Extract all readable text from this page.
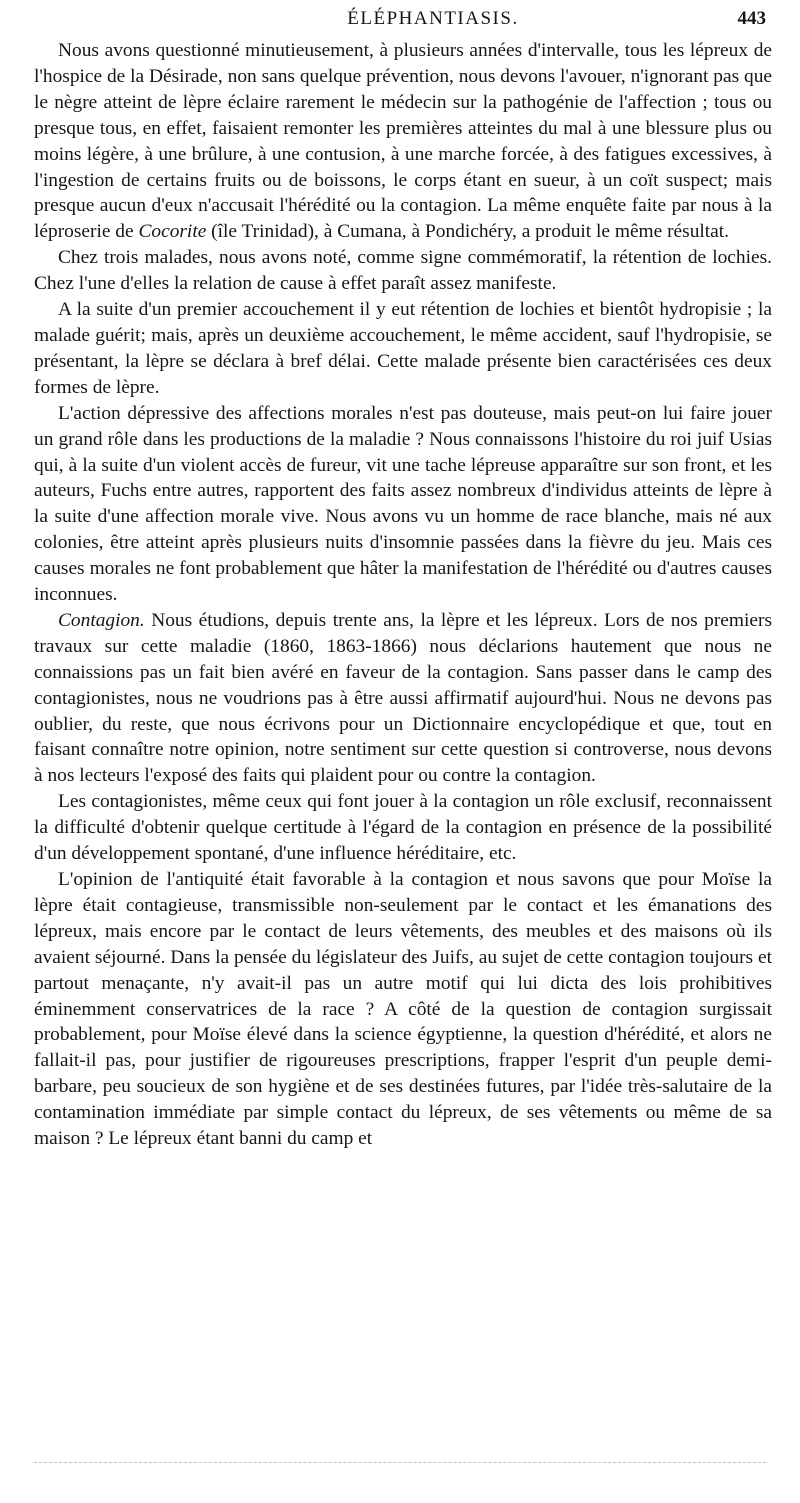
ÉLÉPHANTIASIS.	443

Nous avons questionné minutieusement, à plusieurs années d'intervalle, tous les lépreux de l'hospice de la Désirade, non sans quelque prévention, nous devons l'avouer, n'ignorant pas que le nègre atteint de lèpre éclaire rarement le médecin sur la pathogénie de l'affection ; tous ou presque tous, en effet, faisaient remonter les premières atteintes du mal à une blessure plus ou moins légère, à une brûlure, à une contusion, à une marche forcée, à des fatigues excessives, à l'ingestion de certains fruits ou de boissons, le corps étant en sueur, à un coït suspect; mais presque aucun d'eux n'accusait l'hérédité ou la contagion. La même enquête faite par nous à la léproserie de Cocorite (île Trinidad), à Cumana, à Pondichéry, a produit le même résultat.

Chez trois malades, nous avons noté, comme signe commémoratif, la rétention de lochies. Chez l'une d'elles la relation de cause à effet paraît assez manifeste.

A la suite d'un premier accouchement il y eut rétention de lochies et bientôt hydropisie ; la malade guérit; mais, après un deuxième accouchement, le même accident, sauf l'hydropisie, se présentant, la lèpre se déclara à bref délai. Cette malade présente bien caractérisées ces deux formes de lèpre.

L'action dépressive des affections morales n'est pas douteuse, mais peut-on lui faire jouer un grand rôle dans les productions de la maladie ? Nous connaissons l'histoire du roi juif Usias qui, à la suite d'un violent accès de fureur, vit une tache lépreuse apparaître sur son front, et les auteurs, Fuchs entre autres, rapportent des faits assez nombreux d'individus atteints de lèpre à la suite d'une affection morale vive. Nous avons vu un homme de race blanche, mais né aux colonies, être atteint après plusieurs nuits d'insomnie passées dans la fièvre du jeu. Mais ces causes morales ne font probablement que hâter la manifestation de l'hérédité ou d'autres causes inconnues.

Contagion. Nous étudions, depuis trente ans, la lèpre et les lépreux. Lors de nos premiers travaux sur cette maladie (1860, 1863-1866) nous déclarions hautement que nous ne connaissions pas un fait bien avéré en faveur de la contagion. Sans passer dans le camp des contagionistes, nous ne voudrions pas à être aussi affirmatif aujourd'hui. Nous ne devons pas oublier, du reste, que nous écrivons pour un Dictionnaire encyclopédique et que, tout en faisant connaître notre opinion, notre sentiment sur cette question si controverse, nous devons à nos lecteurs l'exposé des faits qui plaident pour ou contre la contagion.

Les contagionistes, même ceux qui font jouer à la contagion un rôle exclusif, reconnaissent la difficulté d'obtenir quelque certitude à l'égard de la contagion en présence de la possibilité d'un développement spontané, d'une influence héréditaire, etc.

L'opinion de l'antiquité était favorable à la contagion et nous savons que pour Moïse la lèpre était contagieuse, transmissible non-seulement par le contact et les émanations des lépreux, mais encore par le contact de leurs vêtements, des meubles et des maisons où ils avaient séjourné. Dans la pensée du législateur des Juifs, au sujet de cette contagion toujours et partout menaçante, n'y avait-il pas un autre motif qui lui dicta des lois prohibitives éminemment conservatrices de la race ? A côté de la question de contagion surgissait probablement, pour Moïse élevé dans la science égyptienne, la question d'hérédité, et alors ne fallait-il pas, pour justifier de rigoureuses prescriptions, frapper l'esprit d'un peuple demi-barbare, peu soucieux de son hygiène et de ses destinées futures, par l'idée très-salutaire de la contamination immédiate par simple contact du lépreux, de ses vêtements ou même de sa maison ? Le lépreux étant banni du camp et
